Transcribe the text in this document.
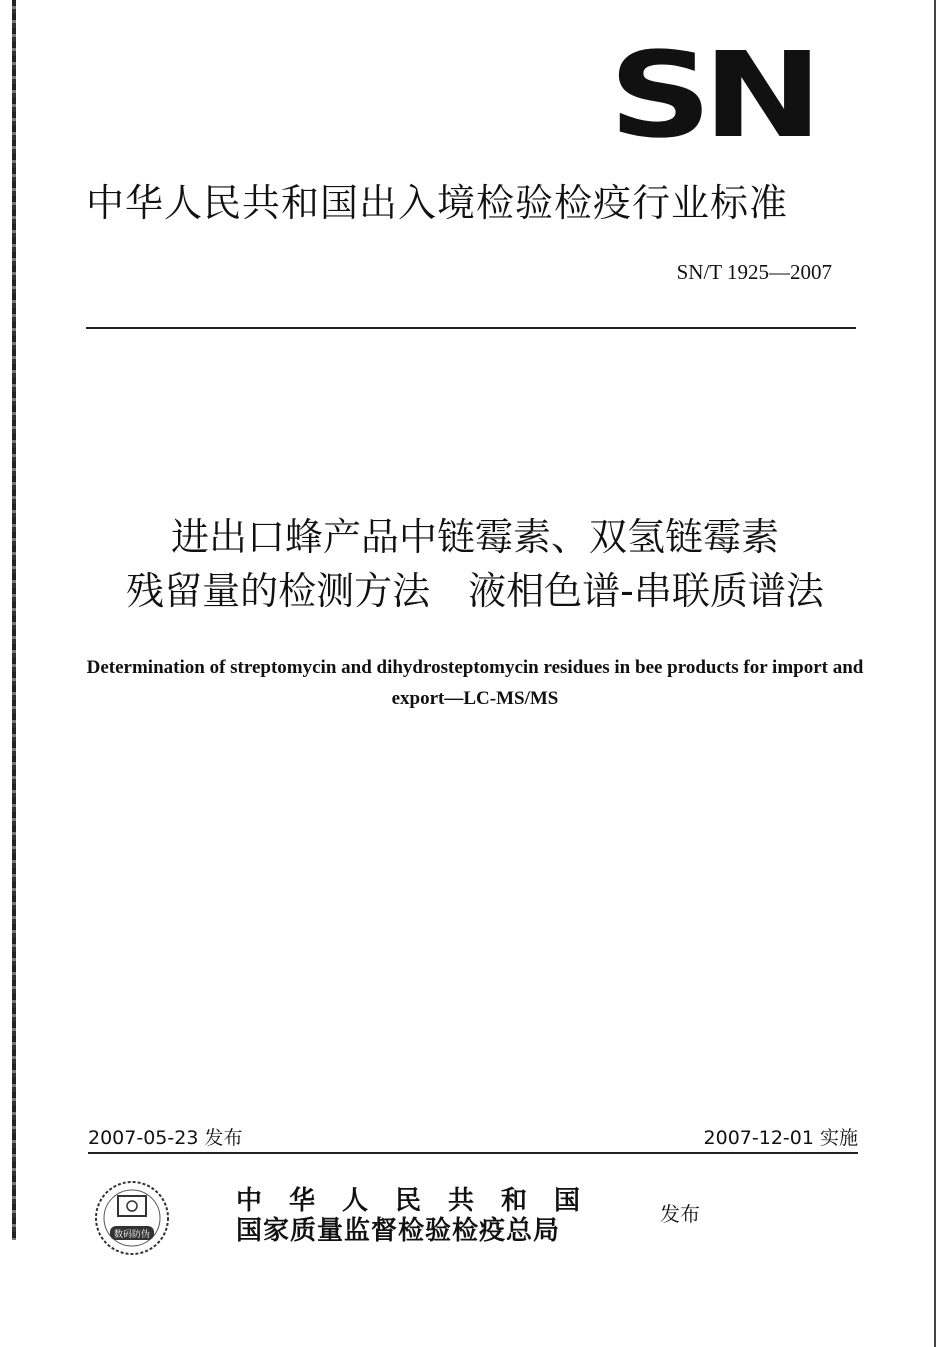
SN
中华人民共和国出入境检验检疫行业标准
SN/T 1925—2007
进出口蜂产品中链霉素、双氢链霉素
残留量的检测方法　液相色谱-串联质谱法
Determination of streptomycin and dihydrosteptomycin residues in bee products for import and export—LC-MS/MS
2007-05-23 发布	2007-12-01 实施
数码防伪
中华人民共和国
国家质量监督检验检疫总局
发布
